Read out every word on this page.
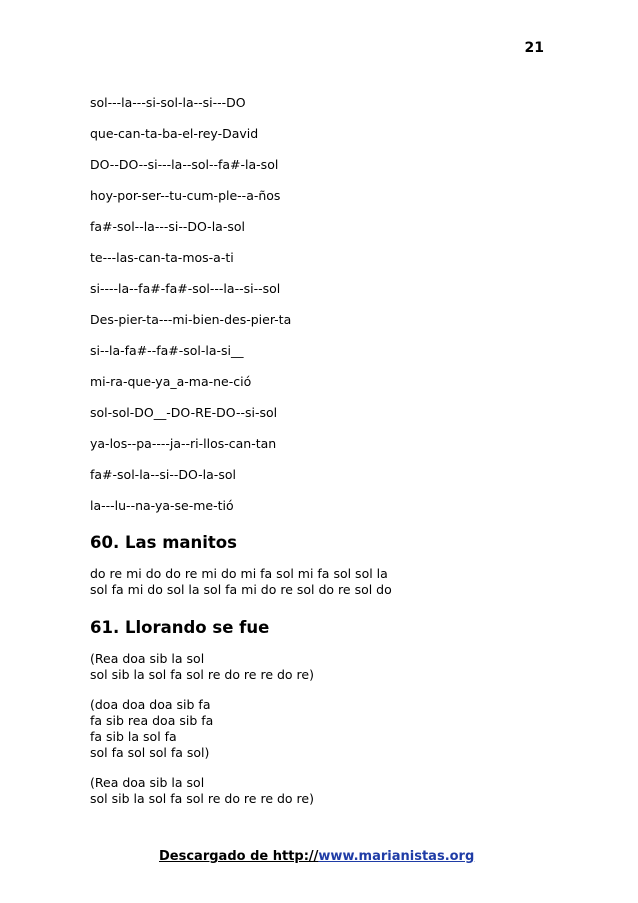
21
sol---la---si-sol-la--si---DO
que-can-ta-ba-el-rey-David
DO--DO--si---la--sol--fa#-la-sol
hoy-por-ser--tu-cum-ple--a-ños
fa#-sol--la---si--DO-la-sol
te---las-can-ta-mos-a-ti
si----la--fa#-fa#-sol---la--si--sol
Des-pier-ta---mi-bien-des-pier-ta
si--la-fa#--fa#-sol-la-si__
mi-ra-que-ya_a-ma-ne-ció
sol-sol-DO__-DO-RE-DO--si-sol
ya-los--pa----ja--ri-llos-can-tan
fa#-sol-la--si--DO-la-sol
la---lu--na-ya-se-me-tió
60. Las manitos
do re mi do do re mi do mi fa sol mi fa sol sol la
sol fa mi do sol la sol fa mi do re sol do re sol do
61. Llorando se fue
(Rea doa sib la sol
sol sib la sol fa sol re do re re do re)
(doa doa doa sib fa
fa sib rea doa sib fa
fa sib la sol fa
sol fa sol sol fa sol)
(Rea doa sib la sol
sol sib la sol fa sol re do re re do re)
Descargado de http://www.marianistas.org
